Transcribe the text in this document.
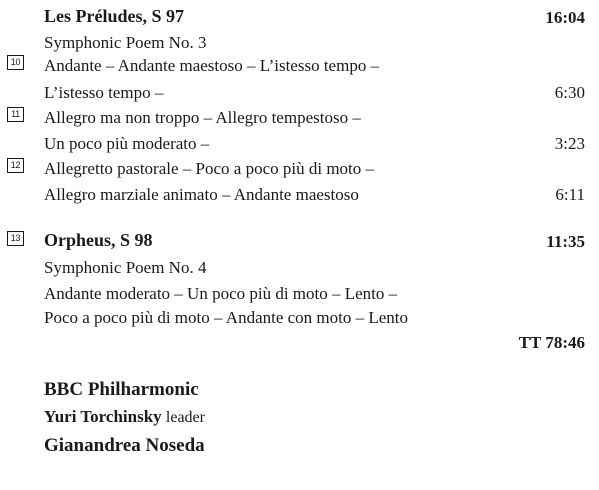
Les Préludes, S 97	16:04
Symphonic Poem No. 3
10 Andante – Andante maestoso – L’istesso tempo –
L’istesso tempo –	6:30
11 Allegro ma non troppo – Allegro tempestoso –
Un poco più moderato –	3:23
12 Allegretto pastorale – Poco a poco più di moto –
Allegro marziale animato – Andante maestoso	6:11
13 Orpheus, S 98	11:35
Symphonic Poem No. 4
Andante moderato – Un poco più di moto – Lento –
Poco a poco più di moto – Andante con moto – Lento
TT 78:46
BBC Philharmonic
Yuri Torchinsky leader
Gianandrea Noseda
